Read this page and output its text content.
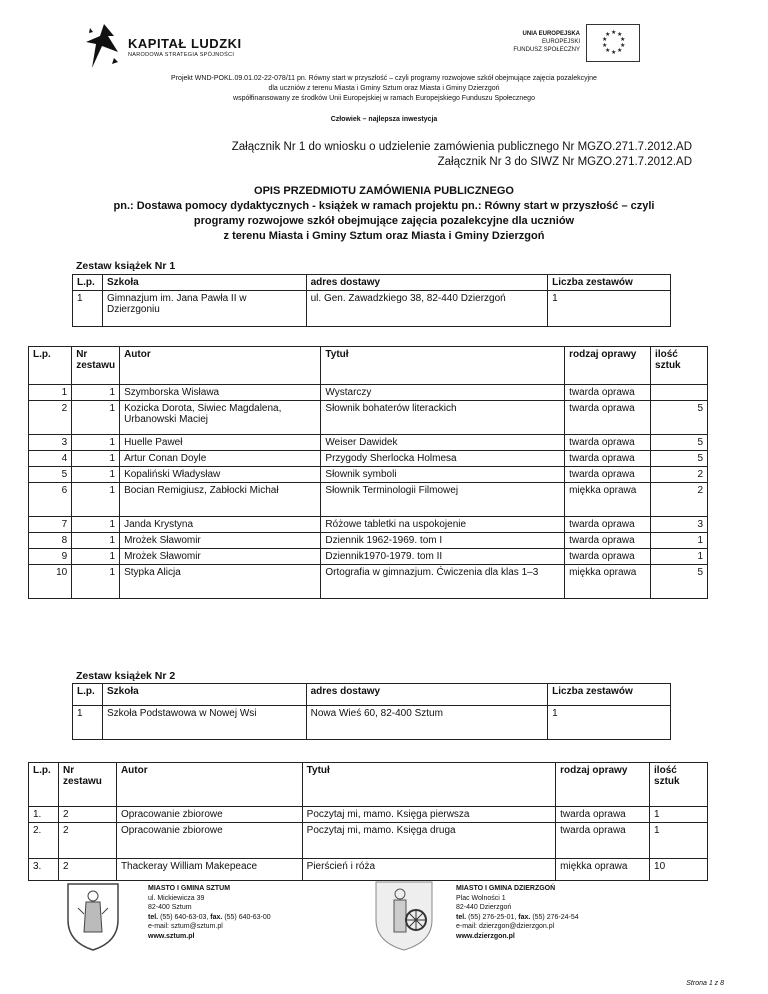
KAPITAŁ LUDZKI
NARODOWA STRATEGIA SPÓJNOŚCI
UNIA EUROPEJSKA
EUROPEJSKI
FUNDUSZ SPOŁECZNY
★ ★
★
★
★
★
★
★
★
★
Projekt WND-POKL.09.01.02-22-078/11 pn. Równy start w przyszłość – czyli programy rozwojowe szkół obejmujące zajęcia pozalekcyjne
dla uczniów z terenu Miasta i Gminy Sztum oraz Miasta i Gminy Dzierzgoń
współfinansowany ze środków Unii Europejskiej w ramach Europejskiego Funduszu Społecznego
Człowiek – najlepsza inwestycja
Załącznik Nr 1 do wniosku o udzielenie zamówienia publicznego Nr MGZO.271.7.2012.AD
Załącznik Nr 3 do SIWZ Nr MGZO.271.7.2012.AD
OPIS PRZEDMIOTU ZAMÓWIENIA PUBLICZNEGO
pn.: Dostawa pomocy dydaktycznych - książek w ramach projektu pn.: Równy start w przyszłość – czyli
programy rozwojowe szkół obejmujące zajęcia pozalekcyjne dla uczniów
z terenu Miasta i Gminy Sztum oraz Miasta i Gminy Dzierzgoń
Zestaw książek Nr 1
L.p.	Szkoła	adres dostawy	Liczba zestawów
1	Gimnazjum im. Jana Pawła II w Dzierzgoniu	ul. Gen. Zawadzkiego 38, 82-440 Dzierzgoń	1
L.p.	Nr zestawu	Autor	Tytuł	rodzaj oprawy	ilość sztuk
1	1	Szymborska Wisława	Wystarczy	twarda oprawa	
2	1	Kozicka Dorota, Siwiec Magdalena, Urbanowski Maciej	Słownik bohaterów literackich	twarda oprawa	5
3	1	Huelle Paweł	Weiser Dawidek	twarda oprawa	5
4	1	Artur Conan Doyle	Przygody Sherlocka Holmesa	twarda oprawa	5
5	1	Kopaliński Władysław	Słownik symboli	twarda oprawa	2
6	1	Bocian Remigiusz, Zabłocki Michał	Słownik Terminologii Filmowej	miękka oprawa	2
7	1	Janda Krystyna	Różowe tabletki na uspokojenie	twarda oprawa	3
8	1	Mrożek Sławomir	Dziennik 1962-1969. tom I	twarda oprawa	1
9	1	Mrożek Sławomir	Dziennik1970-1979. tom II	twarda oprawa	1
10	1	Stypka Alicja	Ortografia w gimnazjum. Ćwiczenia dla klas 1–3	miękka oprawa	5
Zestaw książek Nr 2
L.p.	Szkoła	adres dostawy	Liczba zestawów
1	Szkoła Podstawowa w Nowej Wsi	Nowa Wieś 60, 82-400 Sztum	1
L.p.	Nr zestawu	Autor	Tytuł	rodzaj oprawy	ilość sztuk
1.	2	Opracowanie zbiorowe	Poczytaj mi, mamo. Księga pierwsza	twarda oprawa	1
2.	2	Opracowanie zbiorowe	Poczytaj mi, mamo. Księga druga	twarda oprawa	1
3.	2	Thackeray William Makepeace	Pierścień i róża	miękka oprawa	10
MIASTO I GMINA SZTUM
ul. Mickiewicza 39
82-400 Sztum
tel. (55) 640-63-03, fax. (55) 640-63-00
e-mail: sztum@sztum.pl
www.sztum.pl
MIASTO I GMINA DZIERZGOŃ
Plac Wolności 1
82-440 Dzierzgoń
tel. (55) 276-25-01, fax. (55) 276-24-54
e-mail: dzierzgon@dzierzgon.pl
www.dzierzgon.pl
Strona 1 z 8
